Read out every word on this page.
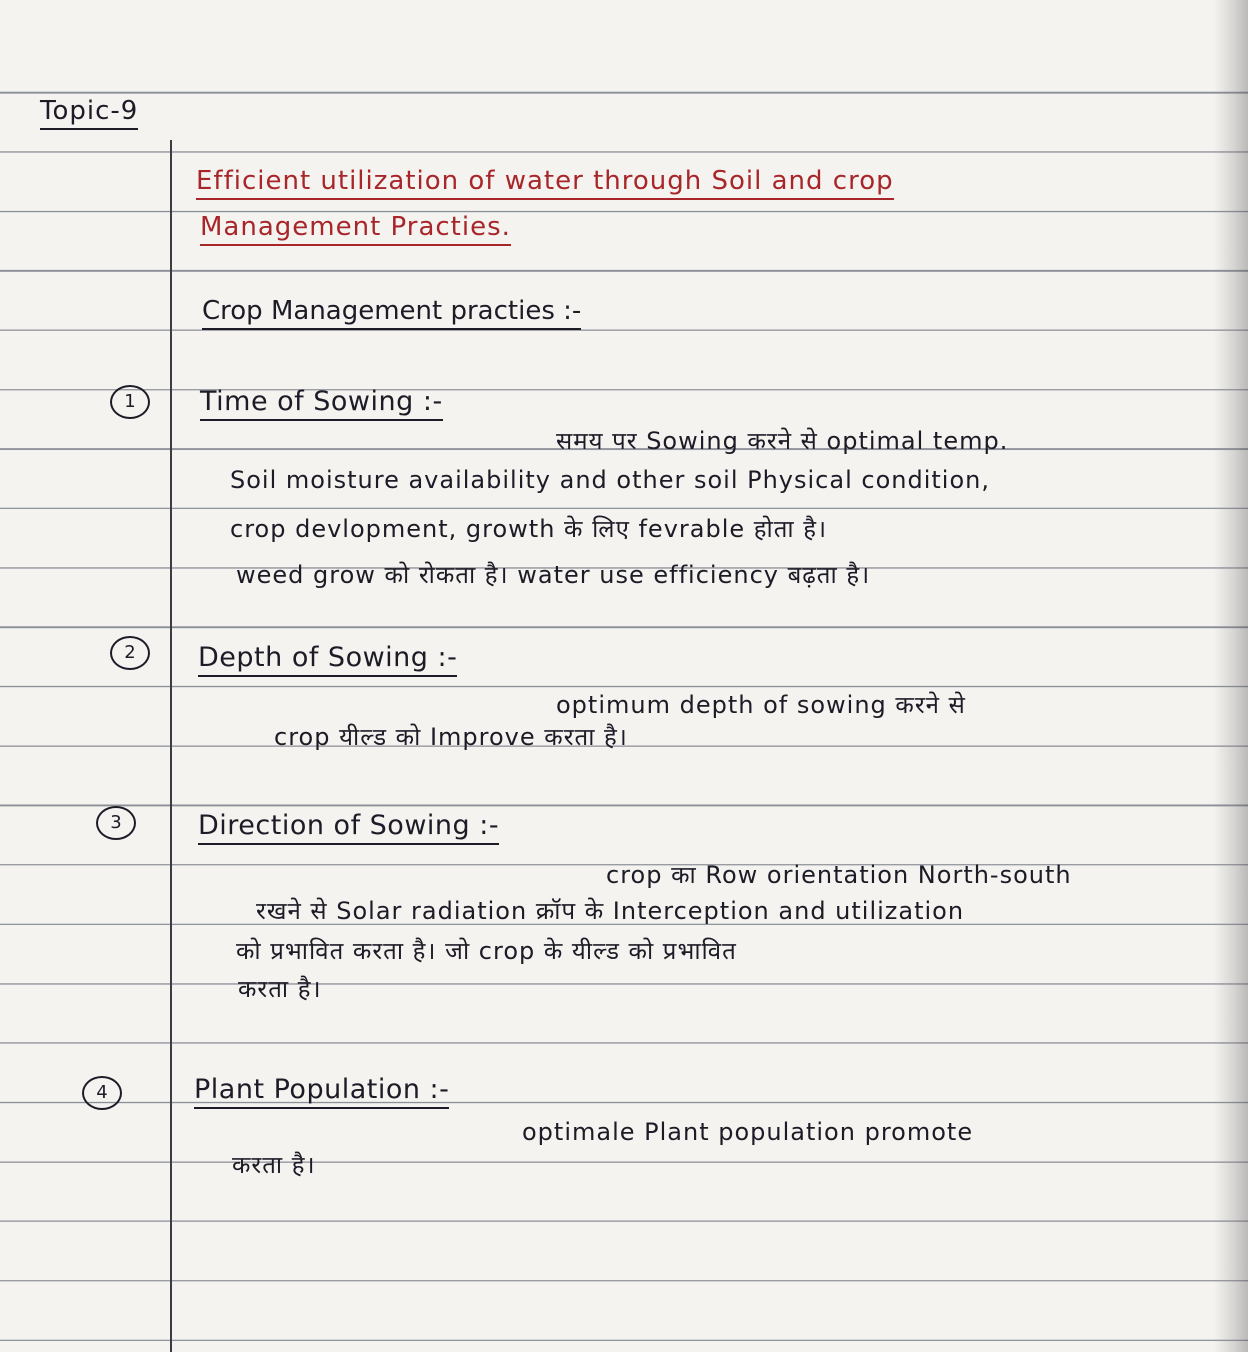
Topic-9
Efficient utilization of water through Soil and crop
Management Practies.
Crop Management practies :-
1	Time of Sowing :-
समय पर Sowing करने से optimal temp.
Soil moisture availability and other soil Physical condition,
crop devlopment, growth के लिए fevrable होता है।
weed grow को रोकता है। water use efficiency बढ़ता है।
2	Depth of Sowing :-
optimum depth of sowing करने से
crop यील्ड को Improve करता है।
3	Direction of Sowing :-
crop का Row orientation North-south
रखने से Solar radiation क्रॉप के Interception and utilization
को प्रभावित करता है। जो crop के यील्ड को प्रभावित
करता है।
4	Plant Population :-
optimale Plant population promote
करता है।
